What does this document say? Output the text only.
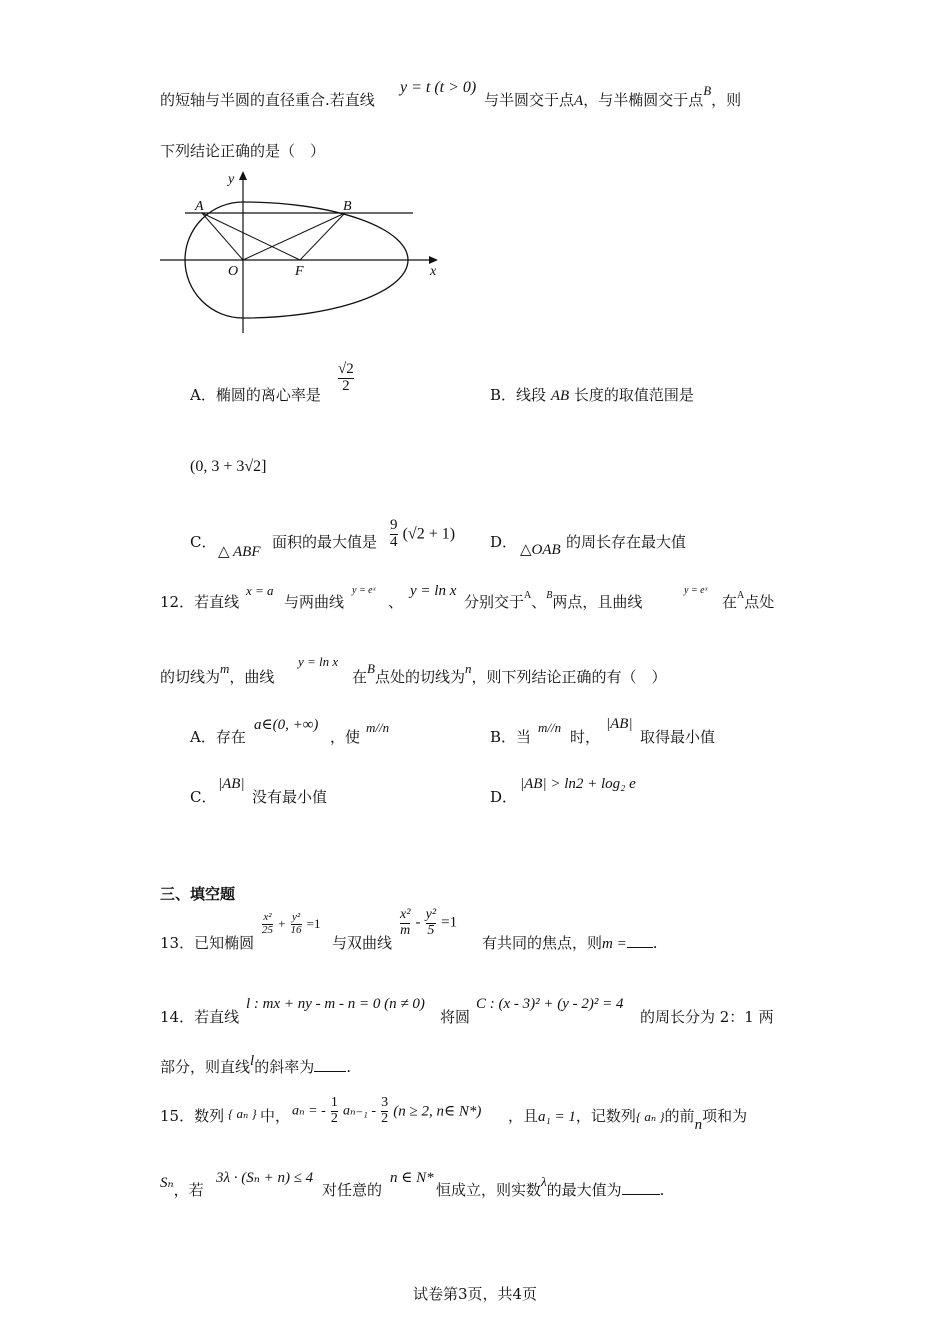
的短轴与半圆的直径重合.若直线
y = t (t > 0)
与半圆交于点A，与半椭圆交于点B，则
下列结论正确的是（　）
y
x
A	B
O	F
A．椭圆的离心率是
$\frac{√2}{2}$
B．线段 AB 长度的取值范围是
(0, 3 + 3√2]
C．
△ ABF
面积的最大值是 $\frac{9}{4} (√2 + 1)$ D． △OAB 的周长存在最大值
12．若直线
x = a
与两曲线
y = eˣ
、
y = ln x
分别交于$^A$、$^B$两点，且曲线
y = eˣ
在$^A$点处
的切线为m，曲线
y = ln x
在B点处的切线为n，则下列结论正确的有（　）
A．存在
a∈(0, +∞)
，使
m//n
B．当
m//n
时，
|AB|
取得最小值
C．
|AB|
没有最小值	D．
|AB| > ln2 + log₂ e
三、填空题
13．已知椭圆
$\frac{\text{x²}}{25} + \frac{\text{y²}}{16} =1$
与双曲线
$\frac{\text{x²}}{m} - \frac{\text{y²}}{5} =1$
有共同的焦点，则m = .
14．若直线
l : mx + ny - m - n = 0 (n ≠ 0)
将圆
C : (x - 3)² + (y - 2)² = 4
的周长分为 2：1 两
部分，则直线l的斜率为 .
15．数列 { aₙ } 中， aₙ = - $\frac{1}{2} a_{n-1} - \frac{3}{2} (n \ge 2$, n∈ N*) ，且a₁ = 1，记数列{ aₙ }的前n项和为
Sₙ，若
3λ · (Sₙ + n) ≤ 4
对任意的
n ∈ N*
恒成立，则实数λ的最大值为	.
试卷第3页，共4页
